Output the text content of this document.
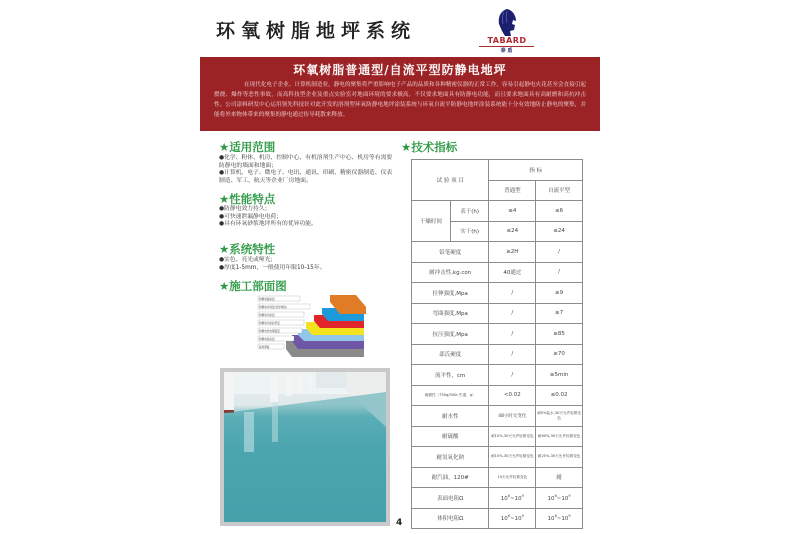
环氧树脂地坪系统	TABARD
泰 盾
环氧树脂普通型/自流平型防静电地坪
在现代化电子企业、计算机制造业，静电的聚集将严重影响电子产品的品质和各种精密仪器的正常工作，容易引起静电火花甚至会直接引起燃烧、爆炸等恶性事故，而高科技型企业及重点实验室对地面环境的要求极高，不仅要求地面具有防静电功能，而且要求地面具有高耐磨和高抗冲击性。公司涂料研发中心运用领先科技针对此开发的溶剂型环氧防静电地坪涂装系统与环氧自流平防静电地坪涂装系统能十分有效地防止静电的聚集，并能将外来物体带来的聚集的静电通过传导耗散来释放。
★适用范围
●化学、粉体、机房、控制中心、有机溶剂生产中心、机房等有需要防静电的墙面和地面；
●计算机、电子、微电子、电讯、通讯、印刷、精密仪器制造、仪表制造、军工、航天等企业厂房地面。
★性能特点
●防静电效力持久；
●可快速泄漏静电电荷；
●具有环氧砂浆地坪所有的优异功能。
★系统特性
●实色、亮光或哑光；
●厚度1-5mm，一般使用年限10-15年。
★施工部面图
防静电面涂层
防静电中间层(含导电粉)
防静电中涂层
防静电中涂砂浆层
防静电导电铜箔层
防静电底涂层
基材界面
★技术指标
试 验 项 目		指 标	
		普通型	自流平型
干燥时间	表干(h)	≤4	≤6
	实干(h)	≤24	≤24
铅笔硬度		≥2H	/
耐冲击性,kg.con		40通过	/
拉伸强度,Mpa		/	≥9
弯曲强度,Mpa		/	≥7
抗压强度,Mpa		/	≥85
邵氏硬度		/	≥70
流平性，cm		/	≥5min
耐磨性（750g/500r,失重，g）		<0.02	≤0.02
耐水性		48小时无变化	耐5%盐水,30天允许轻微变色
耐硫酸		耐10%,30天允许轻微变色	耐60%,30天允许轻微变色
耐氢氧化钠		耐10%,30天允许轻微变色	耐25%,30天允许轻微变色
耐汽油，120#		14天允许轻微变色	耐
表面电阻Ω		$10^6\sim 10^9$	$10^6\sim 10^9$
体积电阻Ω		$10^6\sim 10^9$	$10^6\sim 10^9$
4
